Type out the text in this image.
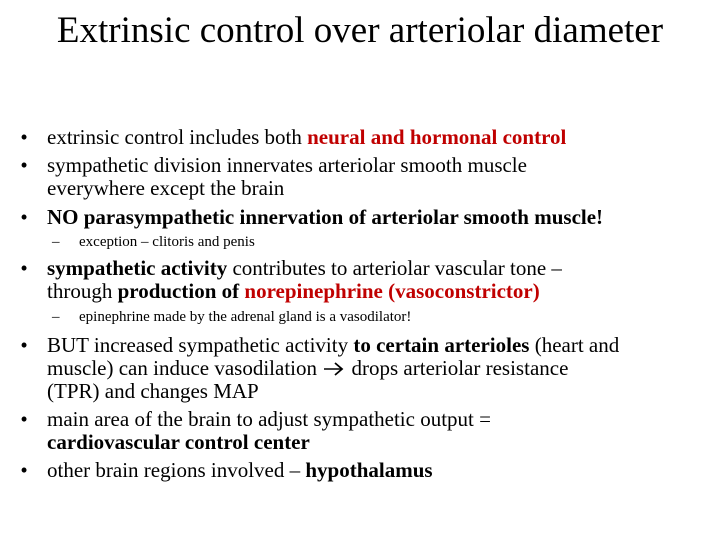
Extrinsic control over arteriolar diameter
• extrinsic control includes both neural and hormonal control
• sympathetic division innervates arteriolar smooth muscle
everywhere except the brain
• NO parasympathetic innervation of arteriolar smooth muscle!
– exception – clitoris and penis
• sympathetic activity contributes to arteriolar vascular tone –
through production of norepinephrine (vasoconstrictor)
– epinephrine made by the adrenal gland is a vasodilator!
• BUT increased sympathetic activity to certain arterioles (heart and
muscle) can induce vasodilation  drops arteriolar resistance
(TPR) and changes MAP
• main area of the brain to adjust sympathetic output =
cardiovascular control center
• other brain regions involved – hypothalamus
